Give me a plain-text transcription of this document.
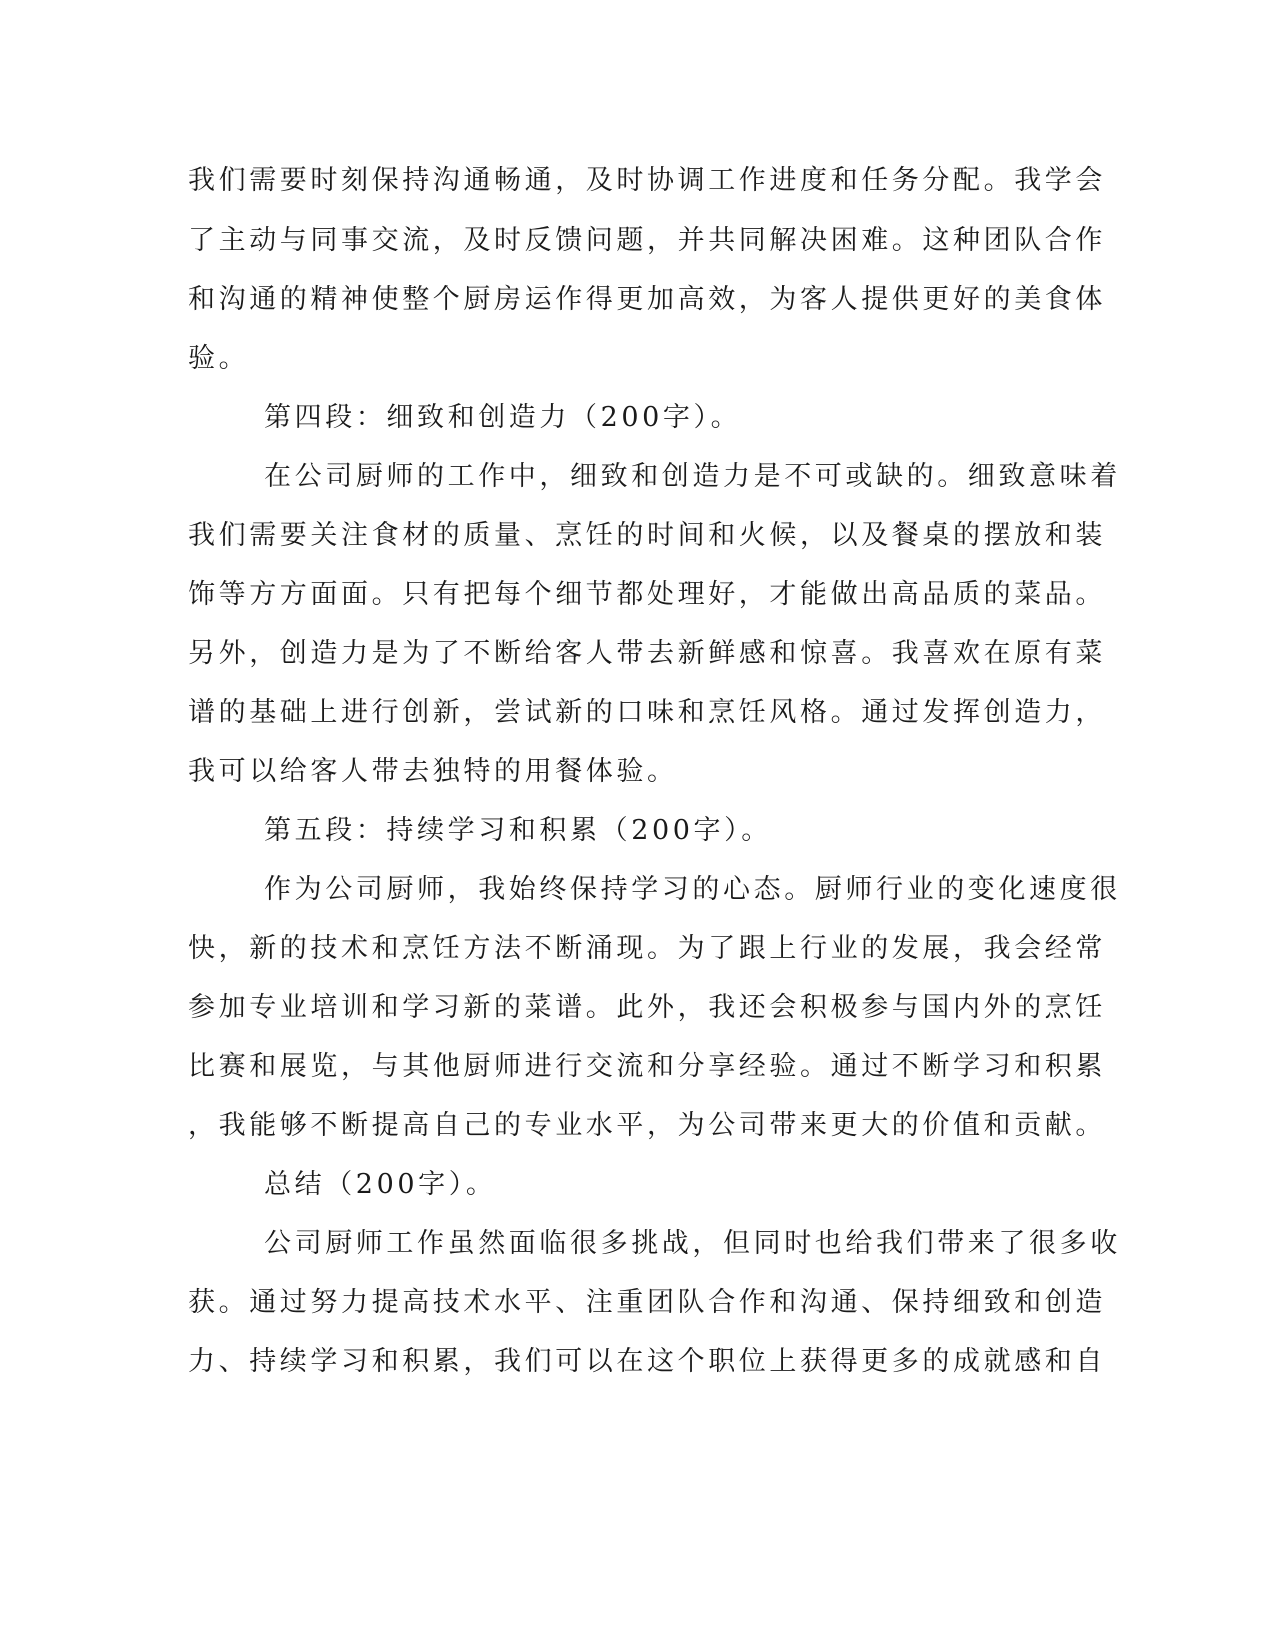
我们需要时刻保持沟通畅通，及时协调工作进度和任务分配。我学会

了主动与同事交流，及时反馈问题，并共同解决困难。这种团队合作

和沟通的精神使整个厨房运作得更加高效，为客人提供更好的美食体

验。

第四段：细致和创造力（200字）。

在公司厨师的工作中，细致和创造力是不可或缺的。细致意味着

我们需要关注食材的质量、烹饪的时间和火候，以及餐桌的摆放和装

饰等方方面面。只有把每个细节都处理好，才能做出高品质的菜品。

另外，创造力是为了不断给客人带去新鲜感和惊喜。我喜欢在原有菜

谱的基础上进行创新，尝试新的口味和烹饪风格。通过发挥创造力，

我可以给客人带去独特的用餐体验。

第五段：持续学习和积累（200字）。

作为公司厨师，我始终保持学习的心态。厨师行业的变化速度很

快，新的技术和烹饪方法不断涌现。为了跟上行业的发展，我会经常

参加专业培训和学习新的菜谱。此外，我还会积极参与国内外的烹饪

比赛和展览，与其他厨师进行交流和分享经验。通过不断学习和积累

，我能够不断提高自己的专业水平，为公司带来更大的价值和贡献。

总结（200字）。

公司厨师工作虽然面临很多挑战，但同时也给我们带来了很多收

获。通过努力提高技术水平、注重团队合作和沟通、保持细致和创造

力、持续学习和积累，我们可以在这个职位上获得更多的成就感和自
